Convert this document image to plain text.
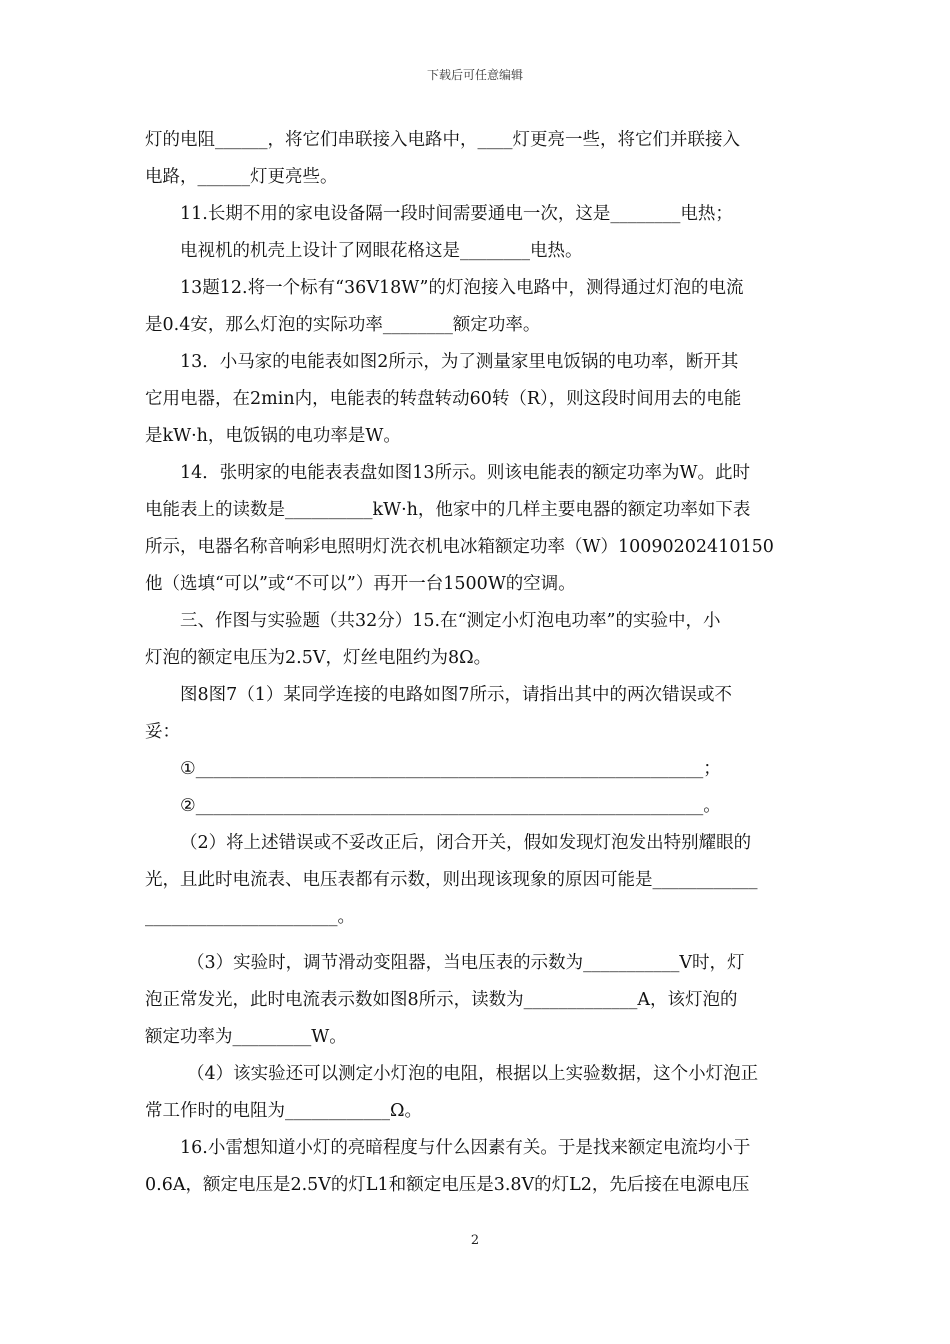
下载后可任意编辑
灯的电阻______，将它们串联接入电路中，____灯更亮一些，将它们并联接入
电路，______灯更亮些。
11.长期不用的家电设备隔一段时间需要通电一次，这是________电热；
电视机的机壳上设计了网眼花格这是________电热。
13题12.将一个标有“36V18W”的灯泡接入电路中，测得通过灯泡的电流
是0.4安，那么灯泡的实际功率________额定功率。
13．小马家的电能表如图2所示，为了测量家里电饭锅的电功率，断开其
它用电器，在2min内，电能表的转盘转动60转（R），则这段时间用去的电能
是kW·h，电饭锅的电功率是W。
14．张明家的电能表表盘如图13所示。则该电能表的额定功率为W。此时
电能表上的读数是__________kW·h，他家中的几样主要电器的额定功率如下表
所示，电器名称音响彩电照明灯洗衣机电冰箱额定功率（W）10090202410150
他（选填“可以”或“不可以”）再开一台1500W的空调。
三、作图与实验题（共32分）15.在“测定小灯泡电功率”的实验中，小
灯泡的额定电压为2.5V，灯丝电阻约为8Ω。
图8图7（1）某同学连接的电路如图7所示，请指出其中的两次错误或不
妥：
①__________________________________________________________；
②__________________________________________________________。
（2）将上述错误或不妥改正后，闭合开关，假如发现灯泡发出特别耀眼的
光，且此时电流表、电压表都有示数，则出现该现象的原因可能是____________
______________________。
（3）实验时，调节滑动变阻器，当电压表的示数为___________V时，灯
泡正常发光，此时电流表示数如图8所示，读数为_____________A，该灯泡的
额定功率为_________W。
（4）该实验还可以测定小灯泡的电阻，根据以上实验数据，这个小灯泡正
常工作时的电阻为____________Ω。
16.小雷想知道小灯的亮暗程度与什么因素有关。于是找来额定电流均小于
0.6A，额定电压是2.5V的灯L1和额定电压是3.8V的灯L2，先后接在电源电压
2
